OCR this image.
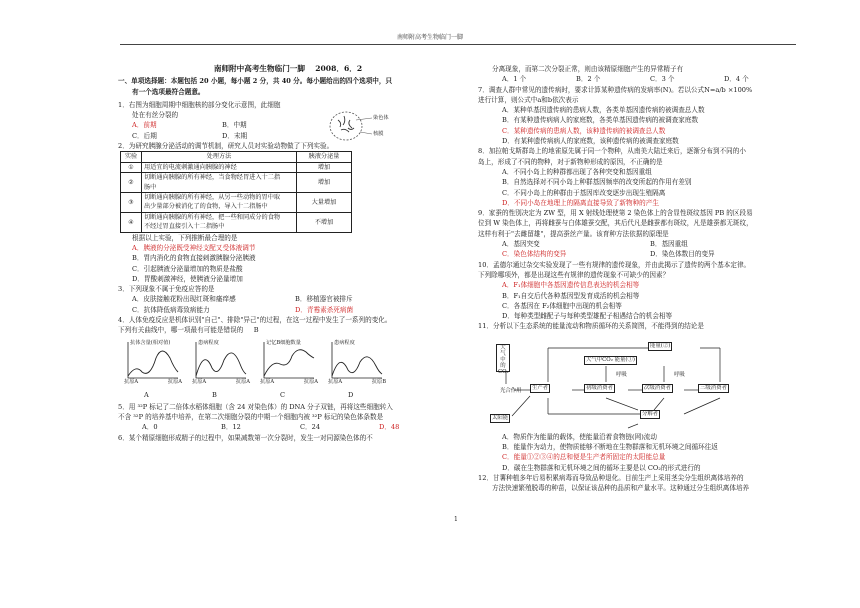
南师附高考生物临门一脚
南师附中高考生物临门一脚　 2008．6．2
一、单项选择题：本题包括 20 小题，每小题 2 分，共 40 分。每小题给出的四个选项中，只
有一个选项最符合题意。
1．右图为细胞周期中细胞核的部分变化示意图，此细胞
处在有丝分裂的
A．前期	B．中期
C．后期	D．末期
2．为研究胰腺分泌活动的调节机制，研究人员对实验动物做了下列实验。
实验	处理方法	胰液分泌量
①	用适宜的电流刺激通向胰腺的神经	增加
②	切断通向胰腺的所有神经，当食物经胃进入十二指
肠中	增加
③	切断通向胰腺的所有神经，从另一些动物的胃中取
出少量部分被消化了的食物，导入十二指肠中	大量增加
④	切断通向胰腺的所有神经，把一些和同成分的食物
不经过胃直接引入十二指肠中	不增加
根据以上实验，下列推断最合理的是
A．胰液的分泌既受神经支配又受体液调节
B．胃内消化的食物直接刺激胰腺分泌胰液
C．引起胰液分泌量增加的物质是盐酸
D．胃酸刺激神经，使胰液分泌量增加
3．下列现象不属于免疫应答的是
A．皮肤接触花粉出现红斑和瘙痒感	B．移植器官被排斥
C．抗体降低病毒致病能力	D．青霉素杀死病菌
4．人体免疫反应是机体识别"自己"、排除"异己"的过程，在这一过程中发生了一系列的变化。
下列有关曲线中，哪一项最有可能是错误的 B
抗体含量(相对值)
抗原A	抗原A
患病程度
抗原A	抗原A
记忆B细胞数量
抗原A	抗原A
患病程度
抗原A	抗原B
A	B	C	D
5．用 ³²P 标记了二倍体水稻体细胞（含 24 对染色体）的 DNA 分子双链，再将这些细胞转入
不含 ³²P 的培养基中培养，在第二次细胞分裂的中期一个细胞内被 ³²P 标记的染色体条数是
A．0	B．12	C．24	D．48
6．某个精原细胞形成精子的过程中，如果减数第一次分裂时，发生一对同源染色体的不
染色体
核膜
分离现象，而第二次分裂正常，则由该精原细胞产生的异常精子有
A．1 个	B．2 个	C．3 个	D．4 个
7．调查人群中常见的遗传病时，要求计算某种遗传病的发病率(N)。若以公式N=a/b ×100%
进行计算，则公式中a和b依次表示
A．某种单基因遗传病的患病人数，各类单基因遗传病的被调查总人数
B．有某种遗传病病人的家庭数，各类单基因遗传病的被调查家庭数
C．某种遗传病的患病人数，该种遗传病的被调查总人数
D．有某种遗传病病人的家庭数，该种遗传病的被调查家庭数
8．加拉帕戈斯群岛上的地雀原先属于同一个物种，从南美大陆迁来后，逐渐分布到不同的小
岛上，形成了不同的物种，对于新物种形成的原因，不正确的是
A．不同小岛上的种群都出现了各种突变和基因重组
B．自然选择对不同小岛上种群基因频率的改变所起的作用有差别
C．不同小岛上的种群由于基因库改变逐步出现生殖隔离
D．不同小岛在地理上的隔离直接导致了新物种的产生
9．家蚕的性别决定为 ZW 型，用 X 射线处理使第 2 染色体上的含显性斑纹基因 PB 的区段易
位到 W 染色体上，再将雌蚕与白体雄蚕交配，其后代凡是雌蚕都有斑纹，凡是雄蚕都无斑纹，
这样有利于"去雌留雄"，提高蚕丝产量。该育种方法依据的原理是
A．基因突变	B．基因重组
C．染色体结构的变异	D．染色体数目的变异
10．孟德尔通过杂交实验发现了一些有规律的遗传现象，并由此揭示了遗传的两个基本定律。
下列除哪项外，都是出现这些有规律的遗传现象不可缺少的因素？
A．F₁体细胞中各基因遗传信息表达的机会相等
B．F₁自交后代各种基因型发育成活的机会相等
C．各基因在 F₂体细胞中出现的机会相等
D．每种类型雌配子与每种类型雄配子相遇结合的机会相等
11．分析以下生态系统的能量流动和物质循环的关系简图，不能得到的结论是
大气中的CO₂
能量(②)
大气中CO₂ 能量(①)
光合作用	生产者	初级消费者	次级消费者	三级消费者
呼吸	呼吸
分解者
太阳能
A．物质作为能量的载体，使能量沿着食物链(网)流动
B．能量作为动力，使物质能够不断地在生物群落和无机环境之间循环往返
C．能量①②③④的总和便是生产者所固定的太阳能总量
D．碳在生物群落和无机环境之间的循环主要是以 CO₂的形式进行的
12．甘薯种植多年后易积累病毒而导致品种退化。目前生产上采用茎尖分生组织离体培养的
方法快速繁殖脱毒的种苗，以保证该品种的品质和产量水平。这种通过分生组织离体培养
1
